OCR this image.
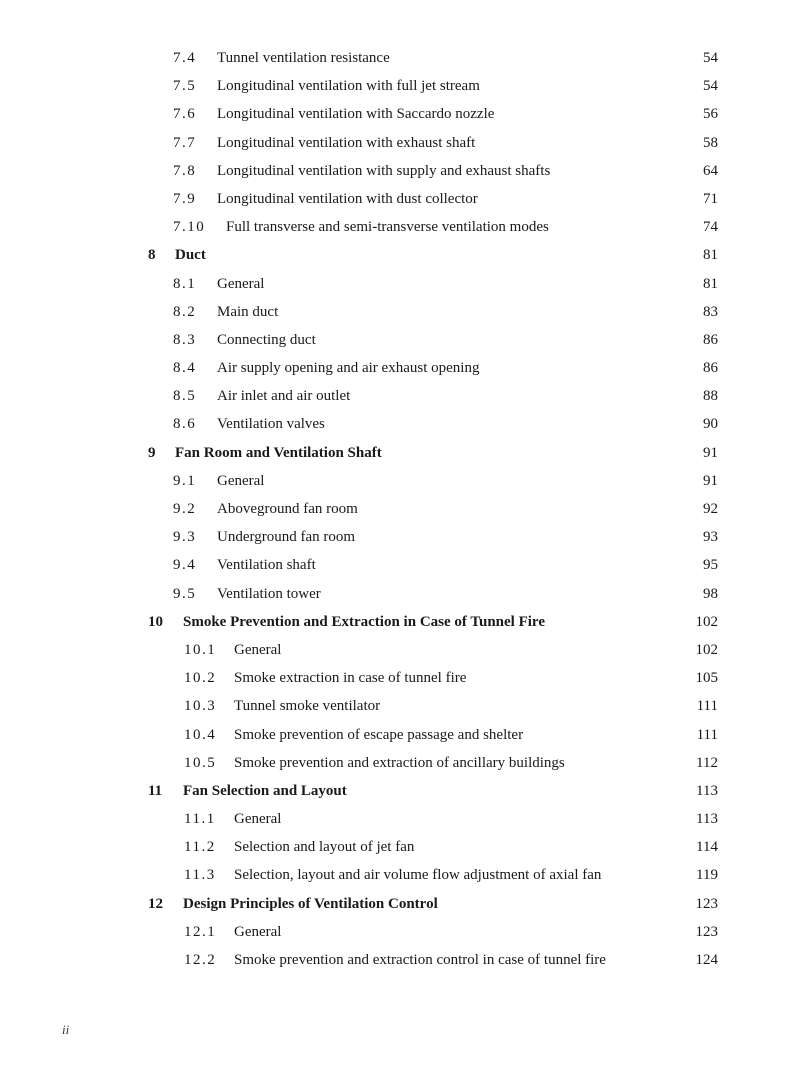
7.4 Tunnel ventilation resistance	54
7.5 Longitudinal ventilation with full jet stream	54
7.6 Longitudinal ventilation with Saccardo nozzle	56
7.7 Longitudinal ventilation with exhaust shaft	58
7.8 Longitudinal ventilation with supply and exhaust shafts	64
7.9 Longitudinal ventilation with dust collector	71
7.10 Full transverse and semi-transverse ventilation modes	74
8 Duct	81
8.1 General	81
8.2 Main duct	83
8.3 Connecting duct	86
8.4 Air supply opening and air exhaust opening	86
8.5 Air inlet and air outlet	88
8.6 Ventilation valves	90
9 Fan Room and Ventilation Shaft	91
9.1 General	91
9.2 Aboveground fan room	92
9.3 Underground fan room	93
9.4 Ventilation shaft	95
9.5 Ventilation tower	98
10 Smoke Prevention and Extraction in Case of Tunnel Fire	102
10.1 General	102
10.2 Smoke extraction in case of tunnel fire	105
10.3 Tunnel smoke ventilator	111
10.4 Smoke prevention of escape passage and shelter	111
10.5 Smoke prevention and extraction of ancillary buildings	112
11 Fan Selection and Layout	113
11.1 General	113
11.2 Selection and layout of jet fan	114
11.3 Selection, layout and air volume flow adjustment of axial fan	119
12 Design Principles of Ventilation Control	123
12.1 General	123
12.2 Smoke prevention and extraction control in case of tunnel fire	124
ii
